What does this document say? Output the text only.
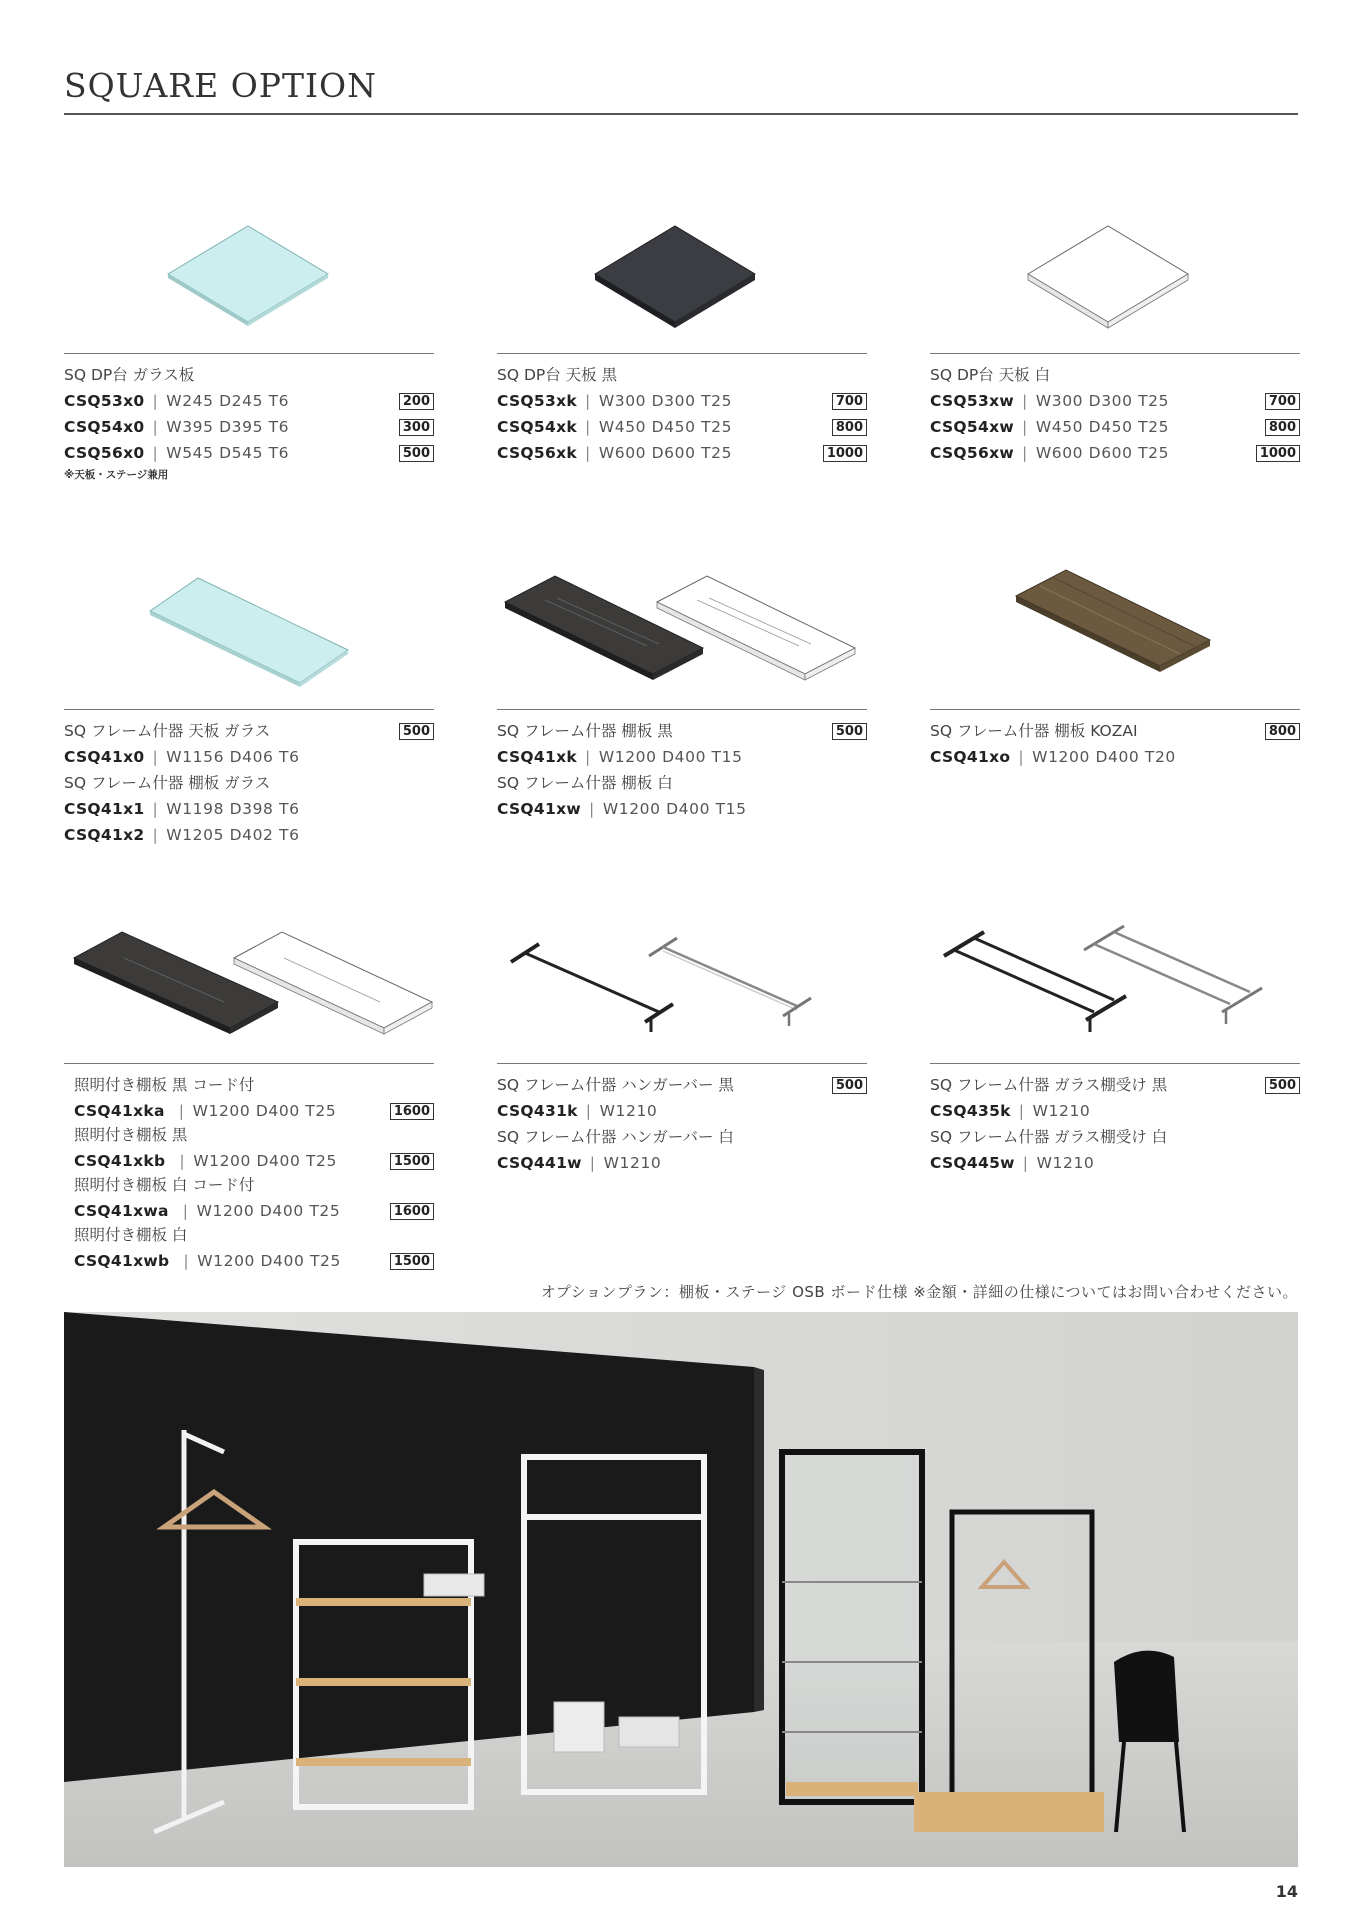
SQUARE OPTION
SQ DP台 ガラス板
CSQ53x0 | W245 D245 T6	200
CSQ54x0 | W395 D395 T6	300
CSQ56x0 | W545 D545 T6	500
※天板・ステージ兼用
SQ DP台 天板 黒
CSQ53xk | W300 D300 T25	700
CSQ54xk | W450 D450 T25	800
CSQ56xk | W600 D600 T25	1000
SQ DP台 天板 白
CSQ53xw | W300 D300 T25	700
CSQ54xw | W450 D450 T25	800
CSQ56xw | W600 D600 T25	1000
SQ フレーム什器 天板 ガラス	500
CSQ41x0 | W1156 D406 T6
SQ フレーム什器 棚板 ガラス
CSQ41x1 | W1198 D398 T6
CSQ41x2 | W1205 D402 T6
SQ フレーム什器 棚板 黒	500
CSQ41xk | W1200 D400 T15
SQ フレーム什器 棚板 白
CSQ41xw | W1200 D400 T15
SQ フレーム什器 棚板 KOZAI	800
CSQ41xo | W1200 D400 T20
照明付き棚板 黒 コード付
CSQ41xka | W1200 D400 T25	1600
照明付き棚板 黒
CSQ41xkb | W1200 D400 T25	1500
照明付き棚板 白 コード付
CSQ41xwa | W1200 D400 T25	1600
照明付き棚板 白
CSQ41xwb | W1200 D400 T25	1500
SQ フレーム什器 ハンガーバー 黒	500
CSQ431k | W1210
SQ フレーム什器 ハンガーバー 白
CSQ441w | W1210
SQ フレーム什器 ガラス棚受け 黒	500
CSQ435k | W1210
SQ フレーム什器 ガラス棚受け 白
CSQ445w | W1210
オプションプラン：棚板・ステージ OSB ボード仕様 ※金額・詳細の仕様についてはお問い合わせください。
14
